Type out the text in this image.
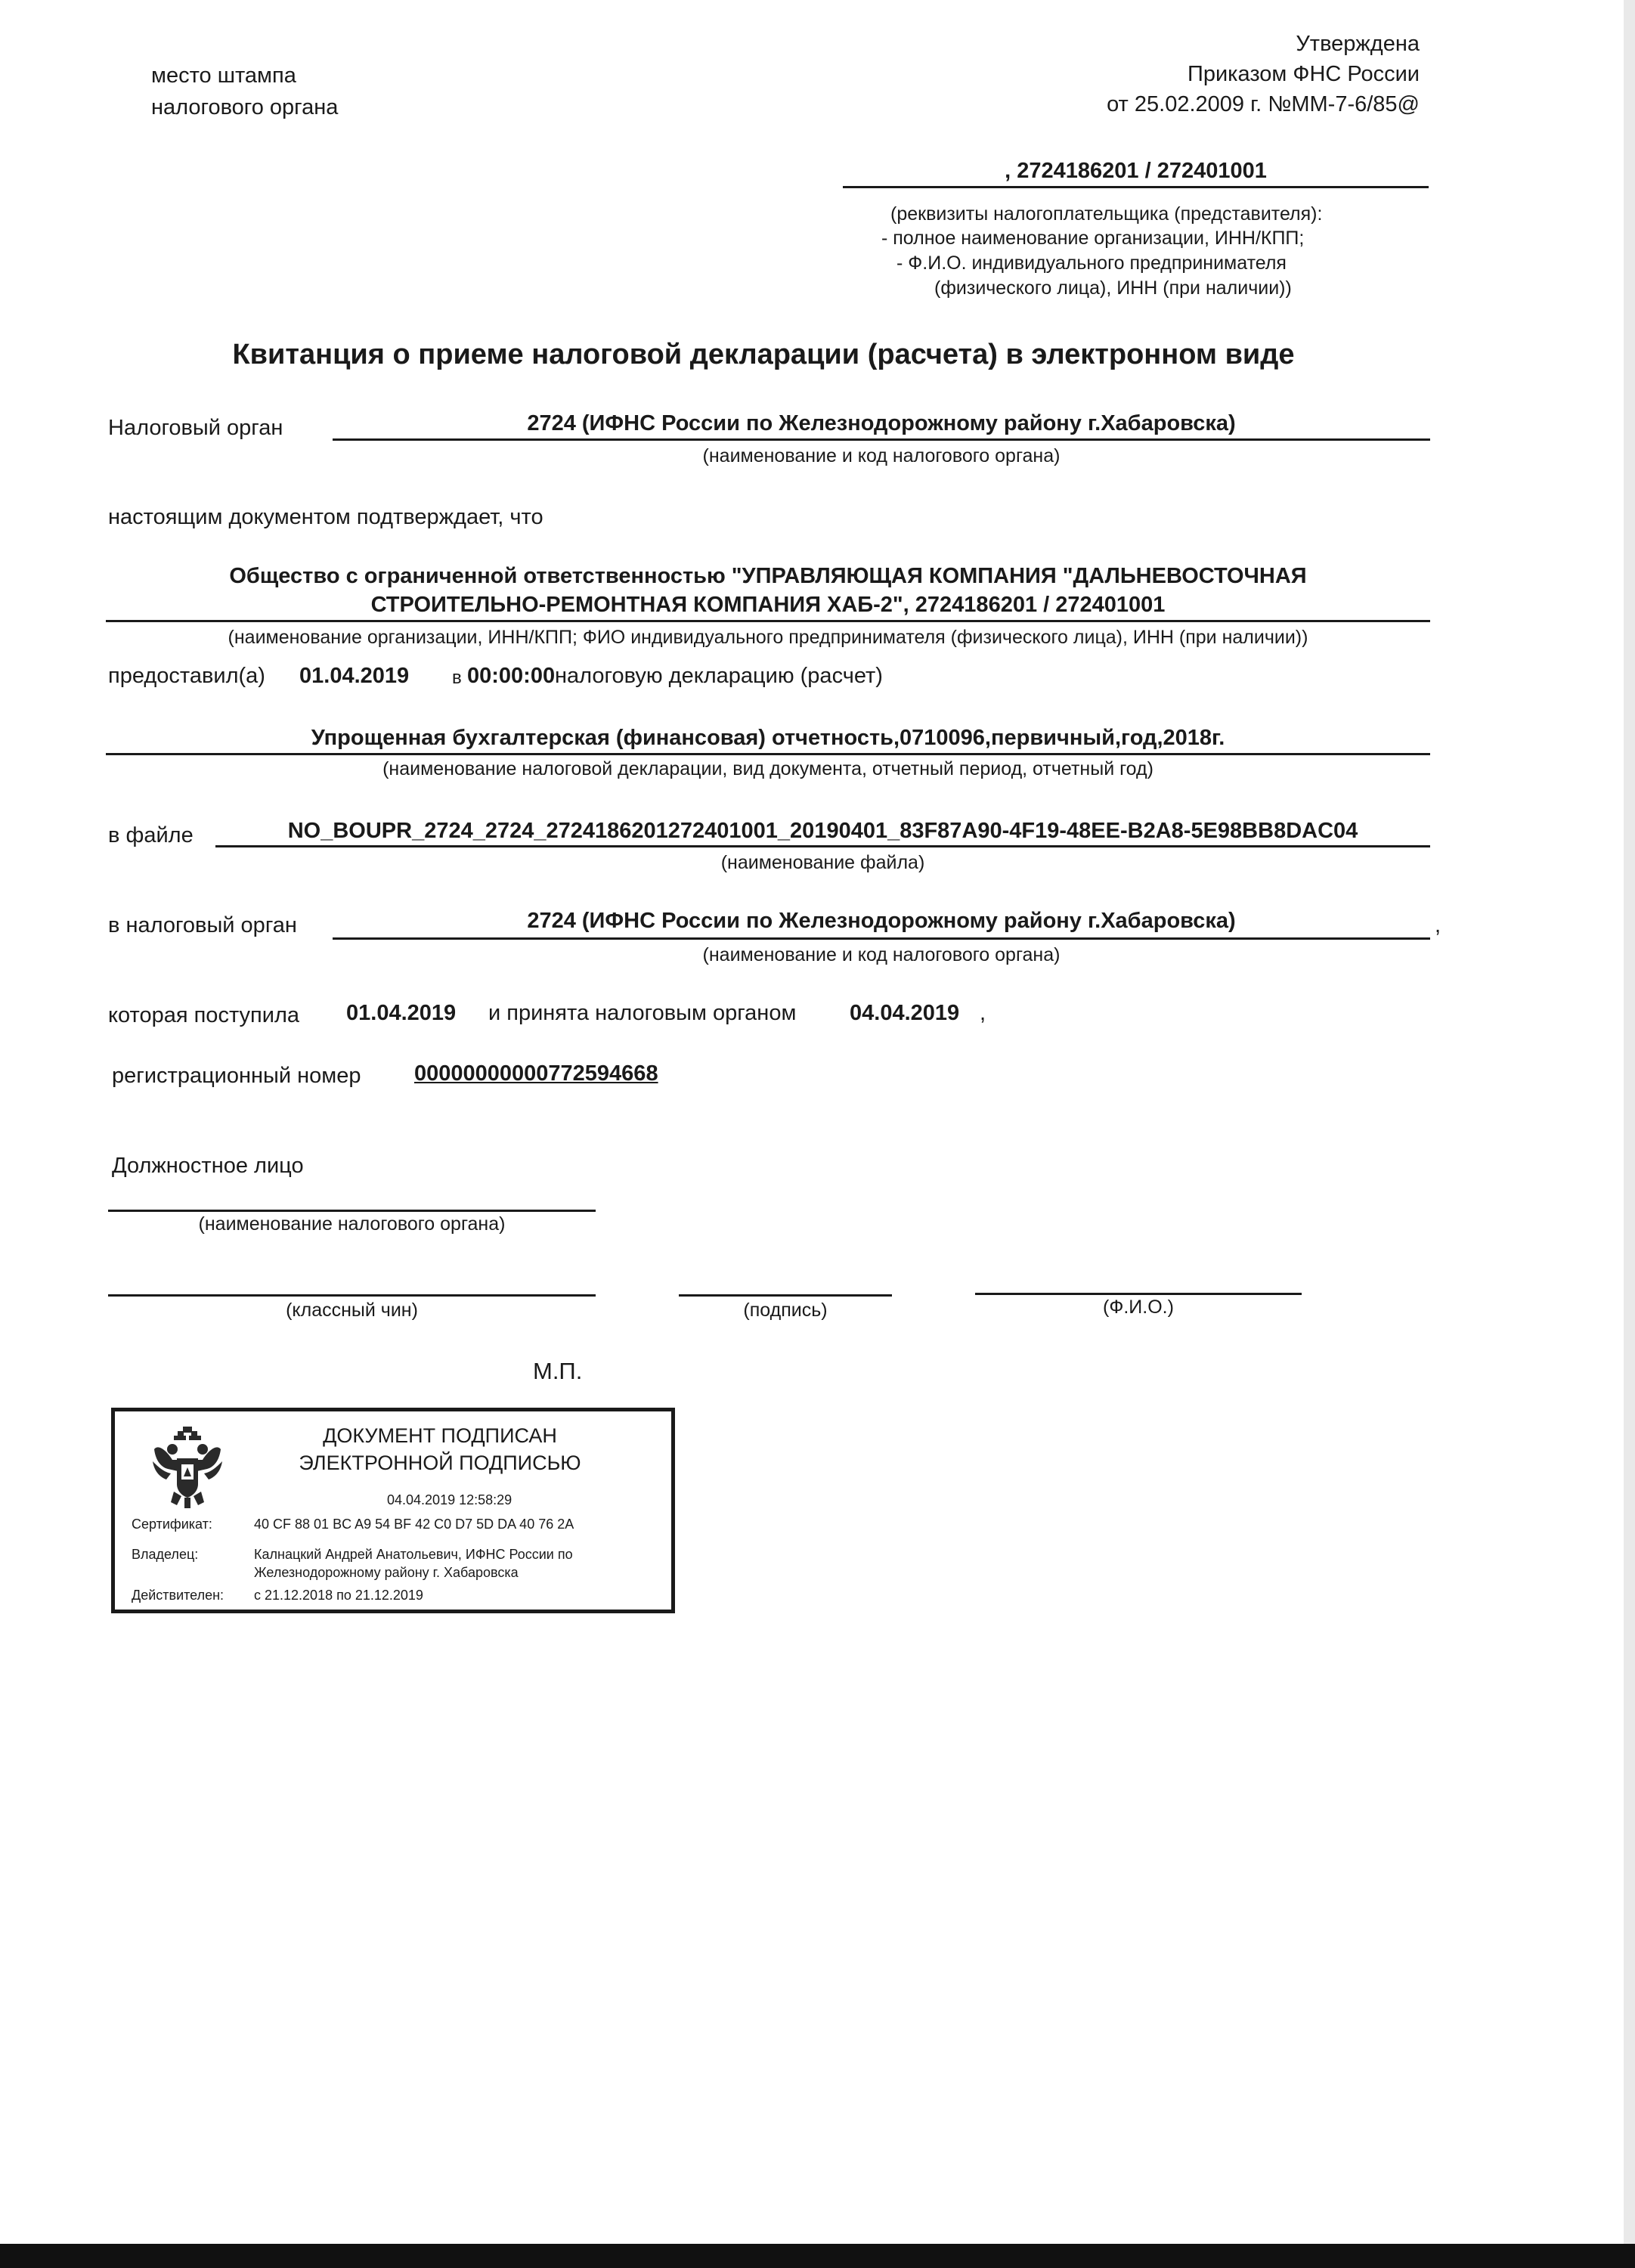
место штампа
налогового органа
Утверждена
Приказом ФНС России
от 25.02.2009 г. №ММ-7-6/85@
, 2724186201 / 272401001
(реквизиты налогоплательщика (представителя):
- полное наименование организации, ИНН/КПП;
- Ф.И.О. индивидуального предпринимателя
(физического лица), ИНН (при наличии))
Квитанция о приеме налоговой декларации (расчета) в электронном виде
Налоговый орган	2724 (ИФНС России по Железнодорожному району г.Хабаровска)
(наименование и код налогового органа)
настоящим документом подтверждает, что
Общество с ограниченной ответственностью "УПРАВЛЯЮЩАЯ КОМПАНИЯ "ДАЛЬНЕВОСТОЧНАЯ
СТРОИТЕЛЬНО-РЕМОНТНАЯ КОМПАНИЯ ХАБ-2", 2724186201 / 272401001
(наименование организации, ИНН/КПП; ФИО индивидуального предпринимателя (физического лица), ИНН (при наличии))
предоставил(а) 01.04.2019 в 00:00:00 налоговую декларацию (расчет)
Упрощенная бухгалтерская (финансовая) отчетность,0710096,первичный,год,2018г.
(наименование налоговой декларации, вид документа, отчетный период, отчетный год)
в файле	NO_BOUPR_2724_2724_2724186201272401001_20190401_83F87A90-4F19-48EE-B2A8-5E98BB8DAC04
(наименование файла)
в налоговый орган	2724 (ИФНС России по Железнодорожному району г.Хабаровска)	,
(наименование и код налогового органа)
которая поступила 01.04.2019 и принята налоговым органом 04.04.2019 ,
регистрационный номер 00000000000772594668
Должностное лицо
(наименование налогового органа)
(классный чин)	(подпись)	(Ф.И.О.)
М.П.
ДОКУМЕНТ ПОДПИСАН
ЭЛЕКТРОННОЙ ПОДПИСЬЮ
04.04.2019 12:58:29
Сертификат:	40 CF 88 01 BC A9 54 BF 42 C0 D7 5D DA 40 76 2A
Владелец:	Калнацкий Андрей Анатольевич, ИФНС России по
Железнодорожному району г. Хабаровска
Действителен: с 21.12.2018 по 21.12.2019
